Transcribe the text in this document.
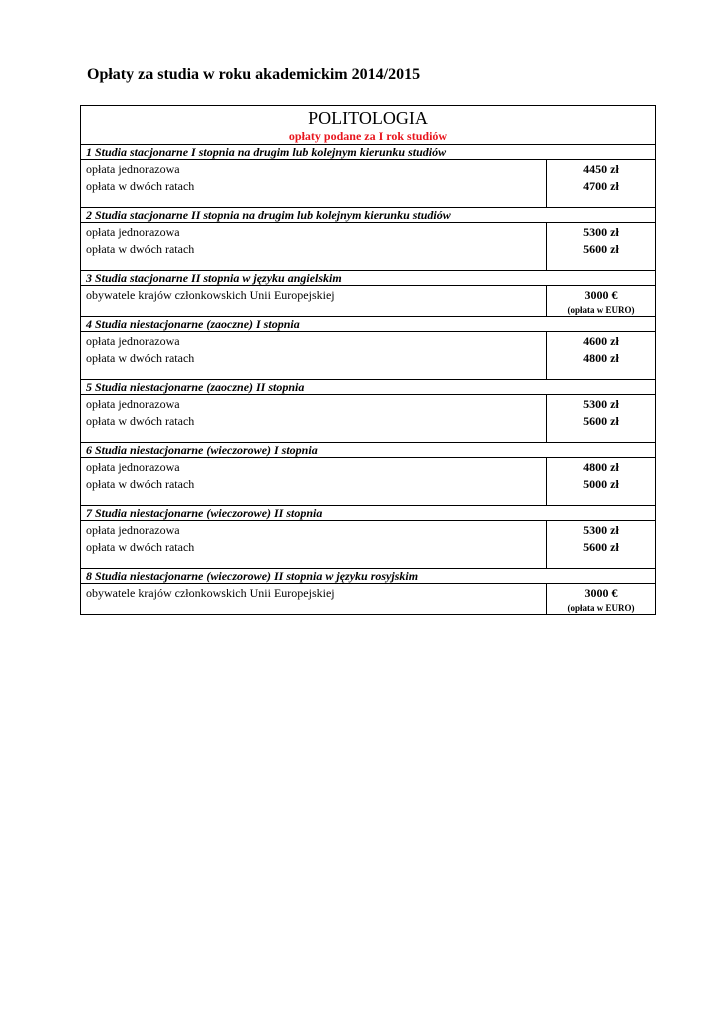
Opłaty za studia w roku akademickim 2014/2015
POLITOLOGIA
opłaty podane za I rok studiów
1 Studia stacjonarne I stopnia na drugim lub kolejnym kierunku studiów
opłata jednorazowa
opłata w dwóch ratach
4450 zł
4700 zł
2 Studia stacjonarne II stopnia na drugim lub kolejnym kierunku studiów
opłata jednorazowa
opłata w dwóch ratach
5300 zł
5600 zł
3 Studia stacjonarne II stopnia w języku angielskim
obywatele krajów członkowskich Unii Europejskiej	3000 €
(opłata w EURO)
4 Studia niestacjonarne (zaoczne) I stopnia
opłata jednorazowa
opłata w dwóch ratach
4600 zł
4800 zł
5 Studia niestacjonarne (zaoczne) II stopnia
opłata jednorazowa
opłata w dwóch ratach
5300 zł
5600 zł
6 Studia niestacjonarne (wieczorowe) I stopnia
opłata jednorazowa
opłata w dwóch ratach
4800 zł
5000 zł
7 Studia niestacjonarne (wieczorowe) II stopnia
opłata jednorazowa
opłata w dwóch ratach
5300 zł
5600 zł
8 Studia niestacjonarne (wieczorowe) II stopnia w języku rosyjskim
obywatele krajów członkowskich Unii Europejskiej	3000 €
(opłata w EURO)
